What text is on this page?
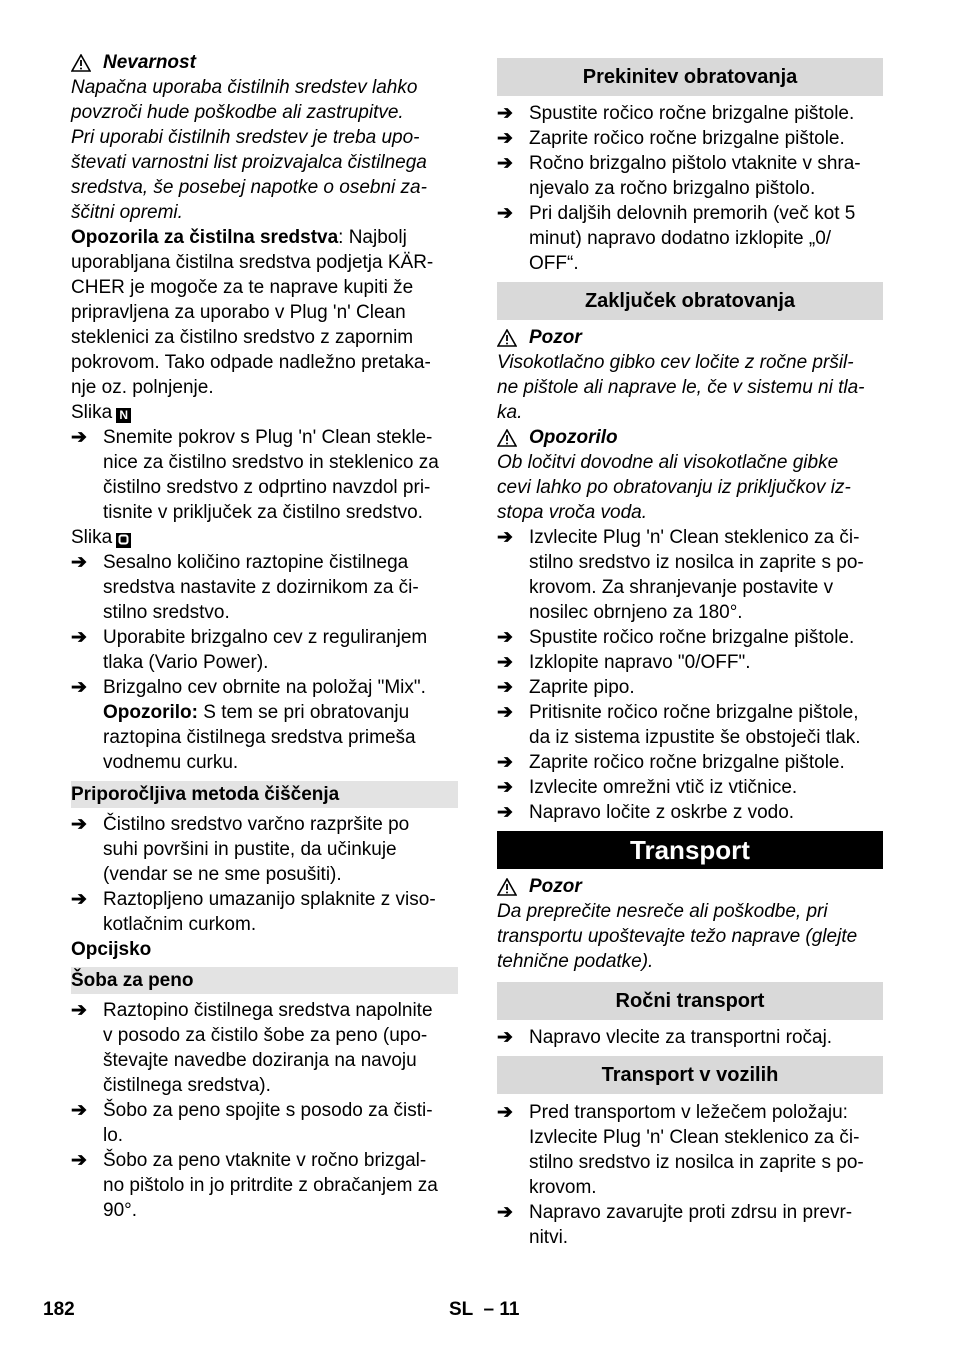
Nevarnost

Napačna uporaba čistilnih sredstev lahko

povzroči hude poškodbe ali zastrupitve.

Pri uporabi čistilnih sredstev je treba upo-

števati varnostni list proizvajalca čistilnega

sredstva, še posebej napotke o osebni za-

ščitni opremi.

Opozorila za čistilna sredstva: Najbolj

uporabljana čistilna sredstva podjetja KÄR-

CHER je mogoče za te naprave kupiti že

pripravljena za uporabo v Plug 'n' Clean

steklenici za čistilno sredstvo z zapornim

pokrovom. Tako odpade nadležno pretaka-

nje oz. polnjenje.

Slika N

➔ Snemite pokrov s Plug 'n' Clean stekle-

nice za čistilno sredstvo in steklenico za

čistilno sredstvo z odprtino navzdol pri-

tisnite v priključek za čistilno sredstvo.

Slika

➔ Sesalno količino raztopine čistilnega

sredstva nastavite z dozirnikom za či-

stilno sredstvo.

➔ Uporabite brizgalno cev z reguliranjem

tlaka (Vario Power).

➔ Brizgalno cev obrnite na položaj "Mix".

Opozorilo: S tem se pri obratovanju

raztopina čistilnega sredstva primeša

vodnemu curku.

Priporočljiva metoda čiščenja
➔ Čistilno sredstvo varčno razpršite po

suhi površini in pustite, da učinkuje

(vendar se ne sme posušiti).

➔ Raztopljeno umazanijo splaknite z viso-

kotlačnim curkom.

Opcijsko

Šoba za peno
➔ Raztopino čistilnega sredstva napolnite

v posodo za čistilo šobe za peno (upo-

števajte navedbe doziranja na navoju

čistilnega sredstva).

➔ Šobo za peno spojite s posodo za čisti-

lo.

➔ Šobo za peno vtaknite v ročno brizgal-

no pištolo in jo pritrdite z obračanjem za

90°.

Prekinitev obratovanja
➔ Spustite ročico ročne brizgalne pištole.

➔ Zaprite ročico ročne brizgalne pištole.

➔ Ročno brizgalno pištolo vtaknite v shra-

njevalo za ročno brizgalno pištolo.

➔ Pri daljših delovnih premorih (več kot 5

minut) napravo dodatno izklopite „0/

OFF“.

Zaključek obratovanja
Pozor

Visokotlačno gibko cev ločite z ročne pršil-

ne pištole ali naprave le, če v sistemu ni tla-

ka.

Opozorilo

Ob ločitvi dovodne ali visokotlačne gibke

cevi lahko po obratovanju iz priključkov iz-

stopa vroča voda.

➔ Izvlecite Plug 'n' Clean steklenico za či-

stilno sredstvo iz nosilca in zaprite s po-

krovom. Za shranjevanje postavite v

nosilec obrnjeno za 180°.

➔ Spustite ročico ročne brizgalne pištole.

➔ Izklopite napravo "0/OFF".

➔ Zaprite pipo.

➔ Pritisnite ročico ročne brizgalne pištole,

da iz sistema izpustite še obstoječi tlak.

➔ Zaprite ročico ročne brizgalne pištole.

➔ Izvlecite omrežni vtič iz vtičnice.

➔ Napravo ločite z oskrbe z vodo.

Transport
Pozor

Da preprečite nesreče ali poškodbe, pri

transportu upoštevajte težo naprave (glejte

tehnične podatke).

Ročni transport
➔ Napravo vlecite za transportni ročaj.

Transport v vozilih
➔ Pred transportom v ležečem položaju:

Izvlecite Plug 'n' Clean steklenico za či-

stilno sredstvo iz nosilca in zaprite s po-

krovom.

➔ Napravo zavarujte proti zdrsu in prevr-

nitvi.

182	SL  – 11
